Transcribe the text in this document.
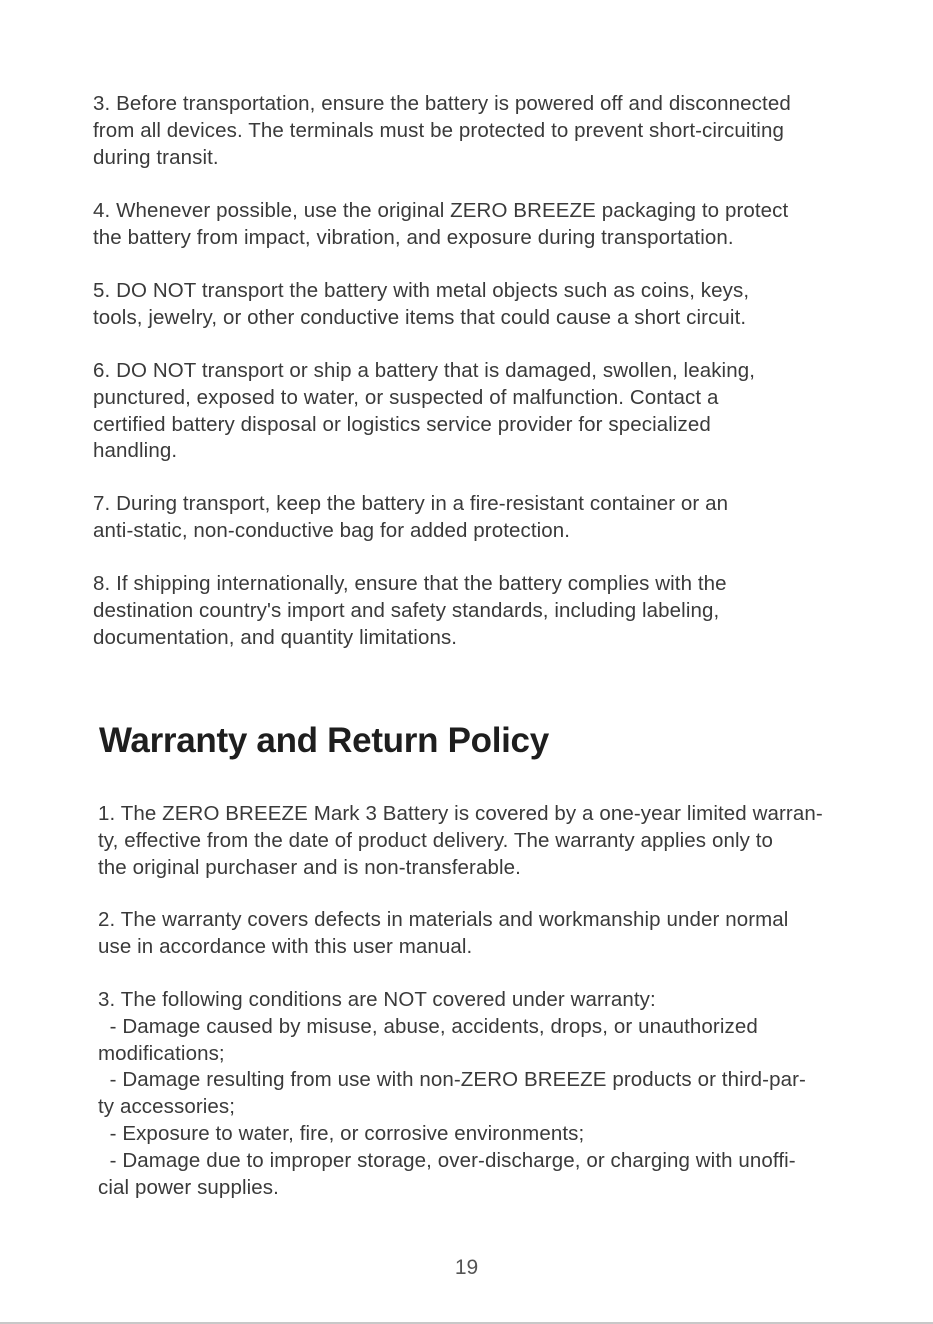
3. Before transportation, ensure the battery is powered off and disconnected
from all devices. The terminals must be protected to prevent short-circuiting
during transit.
4. Whenever possible, use the original ZERO BREEZE packaging to protect
the battery from impact, vibration, and exposure during transportation.
5. DO NOT transport the battery with metal objects such as coins, keys,
tools, jewelry, or other conductive items that could cause a short circuit.
6. DO NOT transport or ship a battery that is damaged, swollen, leaking,
punctured, exposed to water, or suspected of malfunction. Contact a
certified battery disposal or logistics service provider for specialized
handling.
7. During transport, keep the battery in a fire-resistant container or an
anti-static, non-conductive bag for added protection.
8. If shipping internationally, ensure that the battery complies with the
destination country's import and safety standards, including labeling,
documentation, and quantity limitations.
Warranty and Return Policy
1. The ZERO BREEZE Mark 3 Battery is covered by a one-year limited warran-
ty, effective from the date of product delivery. The warranty applies only to
the original purchaser and is non-transferable.
2. The warranty covers defects in materials and workmanship under normal
use in accordance with this user manual.
3. The following conditions are NOT covered under warranty:
- Damage caused by misuse, abuse, accidents, drops, or unauthorized
modifications;
- Damage resulting from use with non-ZERO BREEZE products or third-par-
ty accessories;
- Exposure to water, fire, or corrosive environments;
- Damage due to improper storage, over-discharge, or charging with unoffi-
cial power supplies.
19
